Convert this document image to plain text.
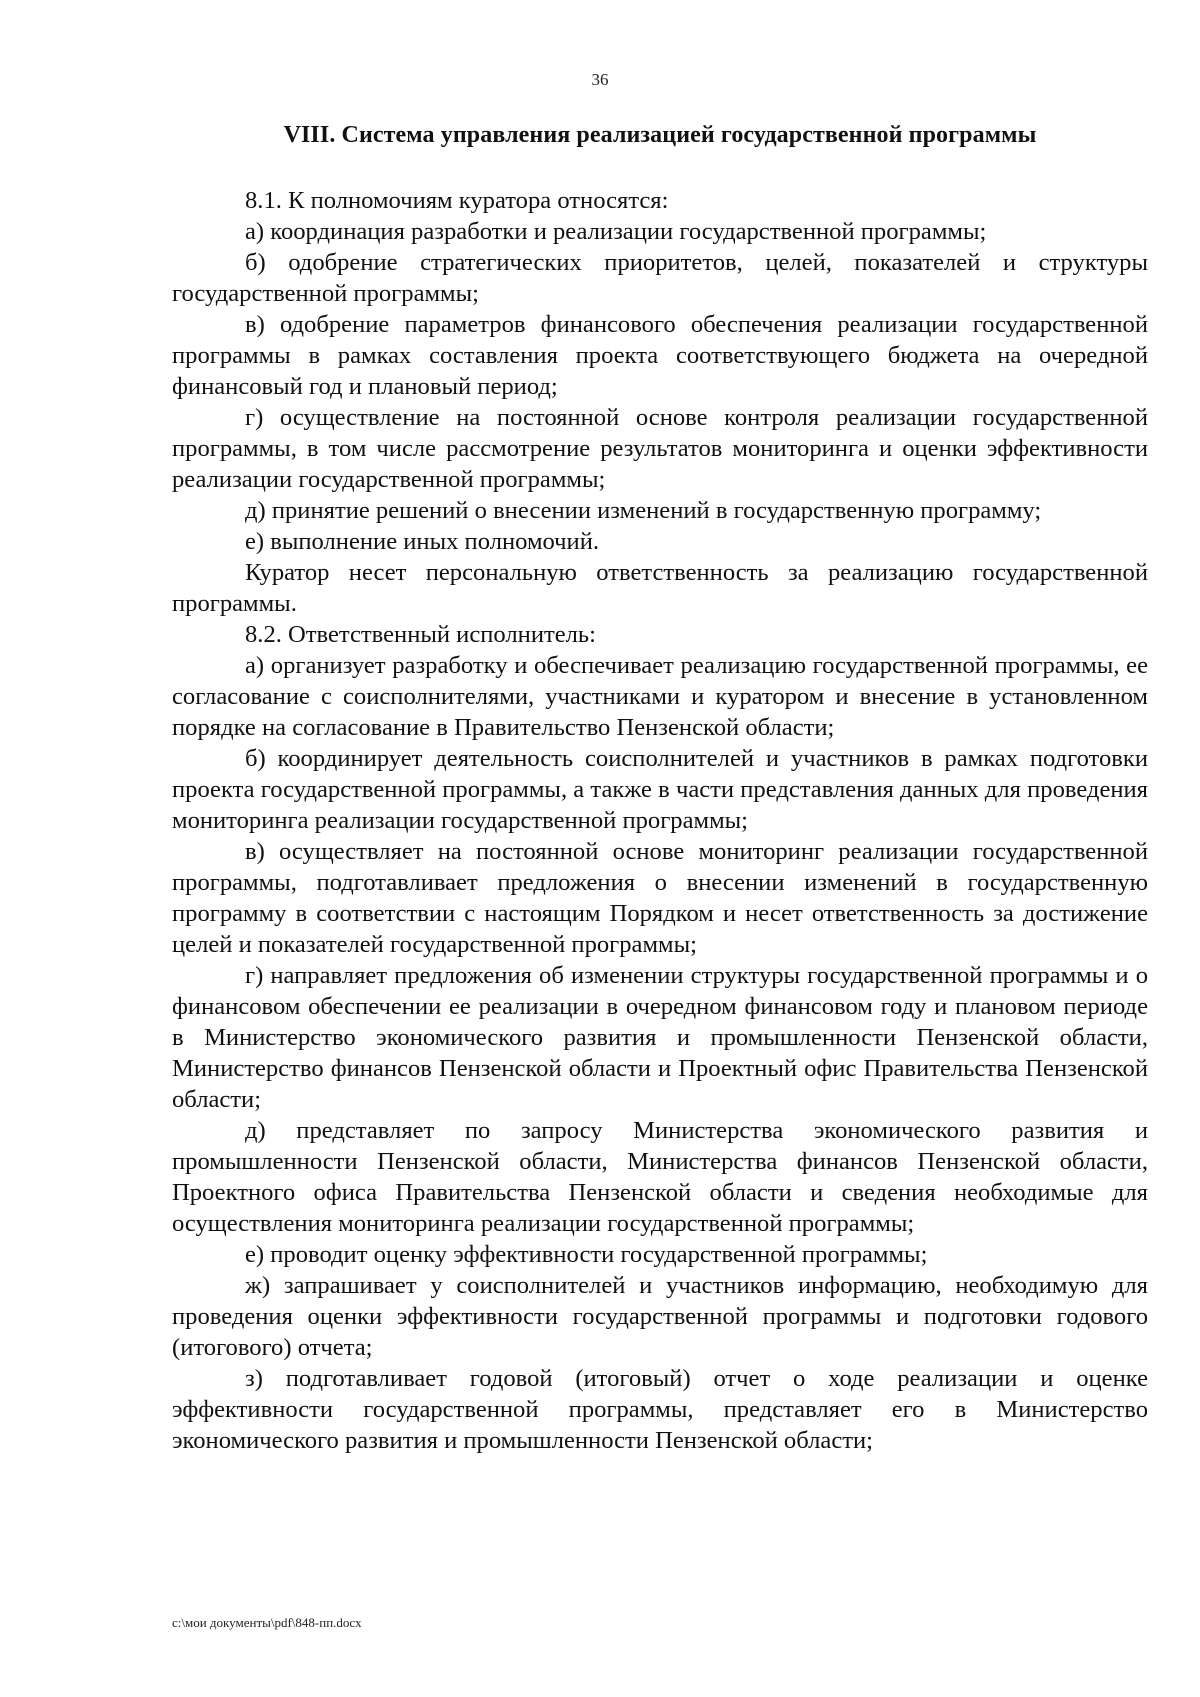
36
VIII. Система управления реализацией государственной программы

8.1. К полномочиям куратора относятся:

а) координация разработки и реализации государственной программы;

б) одобрение стратегических приоритетов, целей, показателей и структуры государственной программы;

в) одобрение параметров финансового обеспечения реализации государственной программы в рамках составления проекта соответствующего бюджета на очередной финансовый год и плановый период;

г) осуществление на постоянной основе контроля реализации государственной программы, в том числе рассмотрение результатов мониторинга и оценки эффективности реализации государственной программы;

д) принятие решений о внесении изменений в государственную программу;

е) выполнение иных полномочий.

Куратор несет персональную ответственность за реализацию государственной программы.

8.2. Ответственный исполнитель:

а) организует разработку и обеспечивает реализацию государственной программы, ее согласование с соисполнителями, участниками и куратором и внесение в установленном порядке на согласование в Правительство Пензенской области;

б) координирует деятельность соисполнителей и участников в рамках подготовки проекта государственной программы, а также в части представления данных для проведения мониторинга реализации государственной программы;

в) осуществляет на постоянной основе мониторинг реализации государственной программы, подготавливает предложения о внесении изменений в государственную программу в соответствии с настоящим Порядком и несет ответственность за достижение целей и показателей государственной программы;

г) направляет предложения об изменении структуры государственной программы и о финансовом обеспечении ее реализации в очередном финансовом году и плановом периоде в Министерство экономического развития и промышленности Пензенской области, Министерство финансов Пензенской области и Проектный офис Правительства Пензенской области;

д) представляет по запросу Министерства экономического развития и промышленности Пензенской области, Министерства финансов Пензенской области, Проектного офиса Правительства Пензенской области и сведения необходимые для осуществления мониторинга реализации государственной программы;

е) проводит оценку эффективности государственной программы;

ж) запрашивает у соисполнителей и участников информацию, необходимую для проведения оценки эффективности государственной программы и подготовки годового (итогового) отчета;

з) подготавливает годовой (итоговый) отчет о ходе реализации и оценке эффективности государственной программы, представляет его в Министерство экономического развития и промышленности Пензенской области;

c:\мои документы\pdf\848-пп.docx
